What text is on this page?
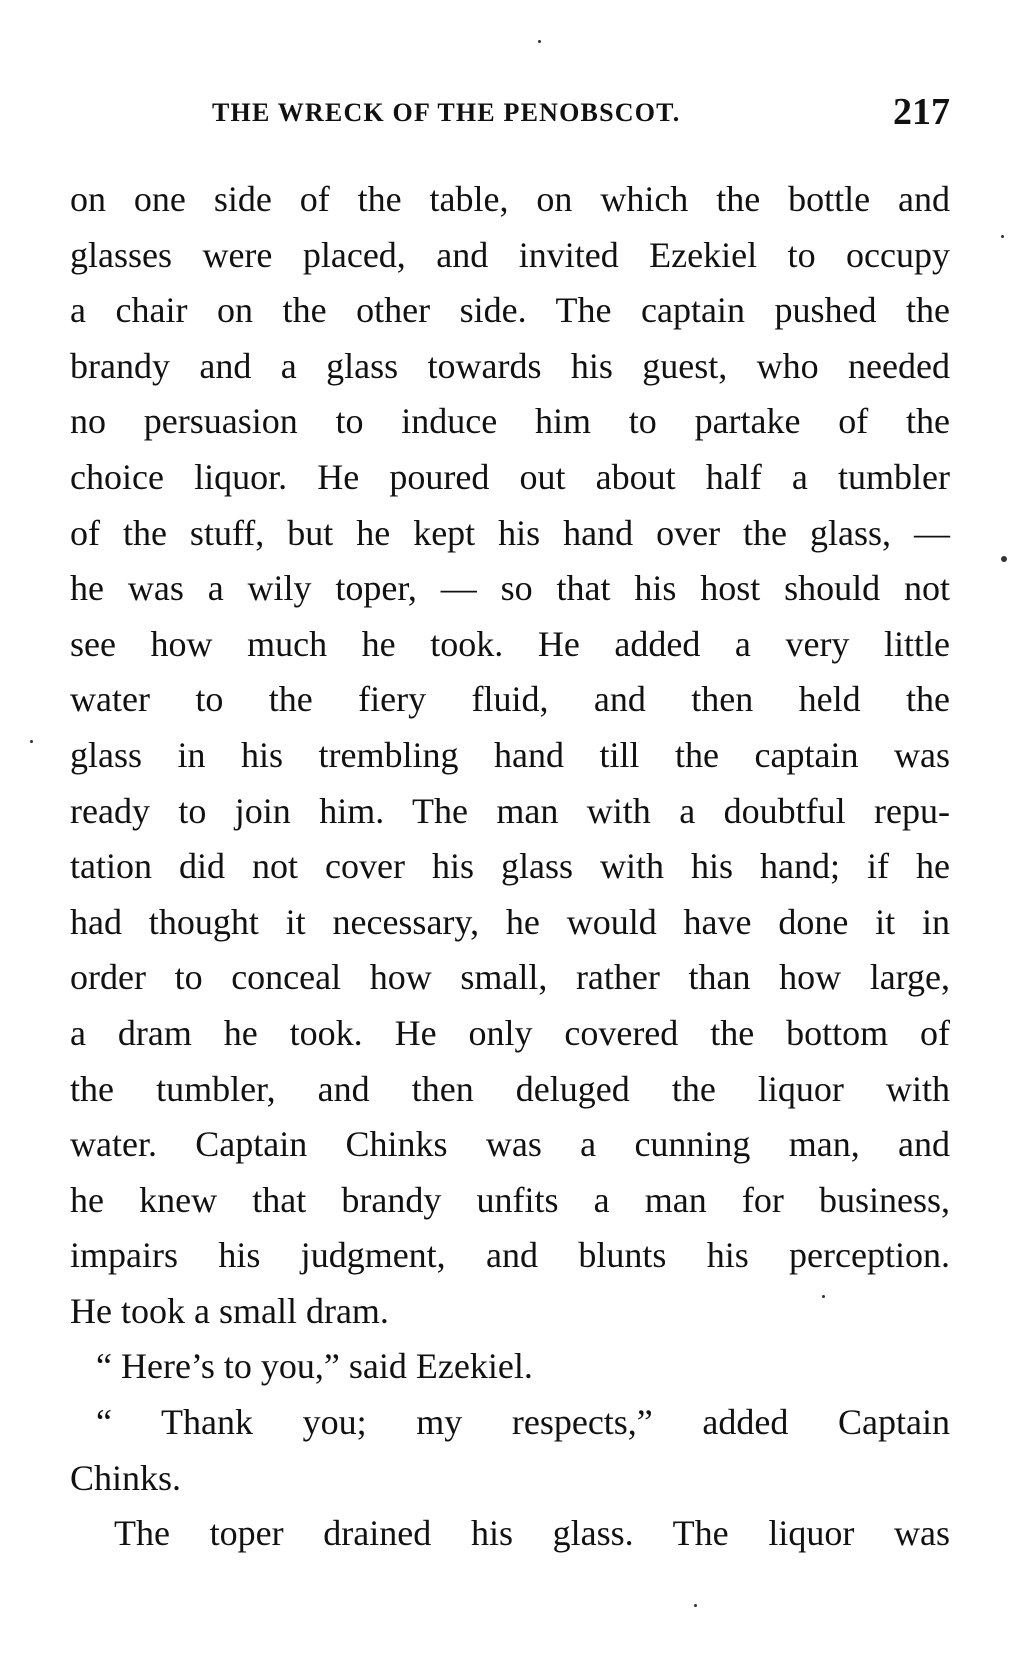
THE WRECK OF THE PENOBSCOT.	217
on one side of the table, on which the bottle and
glasses were placed, and invited Ezekiel to occupy
a chair on the other side. The captain pushed the
brandy and a glass towards his guest, who needed
no persuasion to induce him to partake of the
choice liquor. He poured out about half a tumbler
of the stuff, but he kept his hand over the glass, —
he was a wily toper, — so that his host should not
see how much he took. He added a very little
water to the fiery fluid, and then held the
glass in his trembling hand till the captain was
ready to join him. The man with a doubtful repu-
tation did not cover his glass with his hand; if he
had thought it necessary, he would have done it in
order to conceal how small, rather than how large,
a dram he took. He only covered the bottom of
the tumbler, and then deluged the liquor with
water. Captain Chinks was a cunning man, and
he knew that brandy unfits a man for business,
impairs his judgment, and blunts his perception.
He took a small dram.
“ Here’s to you,” said Ezekiel.
“ Thank you; my respects,” added Captain
Chinks.
The toper drained his glass. The liquor was
